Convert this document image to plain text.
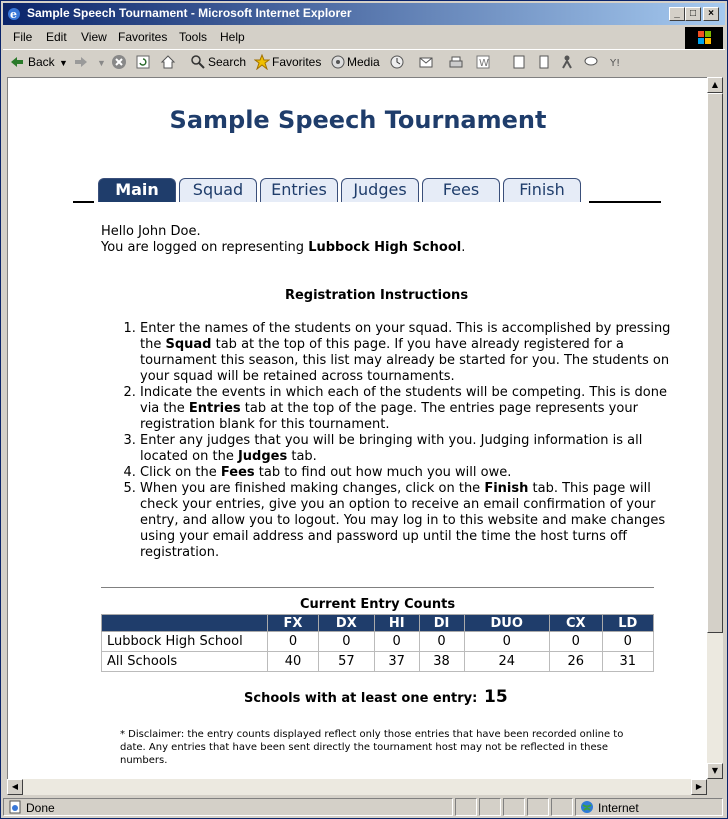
e Sample Speech Tournament - Microsoft Internet Explorer	_	□	×
File Edit View Favorites Tools Help
Back ▼	▼	Search Favorites Media	W	Y!
Sample Speech Tournament
Main	Squad	Entries	Judges	Fees	Finish
Hello John Doe.
You are logged on representing Lubbock High School.
Registration Instructions
1. Enter the names of the students on your squad. This is accomplished by pressing the Squad tab at the top of this page. If you have already registered for a tournament this season, this list may already be started for you. The students on your squad will be retained across tournaments.
2. Indicate the events in which each of the students will be competing. This is done via the Entries tab at the top of the page. The entries page represents your registration blank for this tournament.
3. Enter any judges that you will be bringing with you. Judging information is all located on the Judges tab.
4. Click on the Fees tab to find out how much you will owe.
5. When you are finished making changes, click on the Finish tab. This page will check your entries, give you an option to receive an email confirmation of your entry, and allow you to logout. You may log in to this website and make changes using your email address and password up until the time the host turns off registration.
Current Entry Counts
	FX	DX	HI	DI	DUO	CX	LD
Lubbock High School	0	0	0	0	0	0	0
All Schools	40	57	37	38	24	26	31
Schools with at least one entry: 15
* Disclaimer: the entry counts displayed reflect only those entries that have been recorded online to date. Any entries that have been sent directly the tournament host may not be reflected in these numbers.
▲
▼
◀	▶
Done	Internet
